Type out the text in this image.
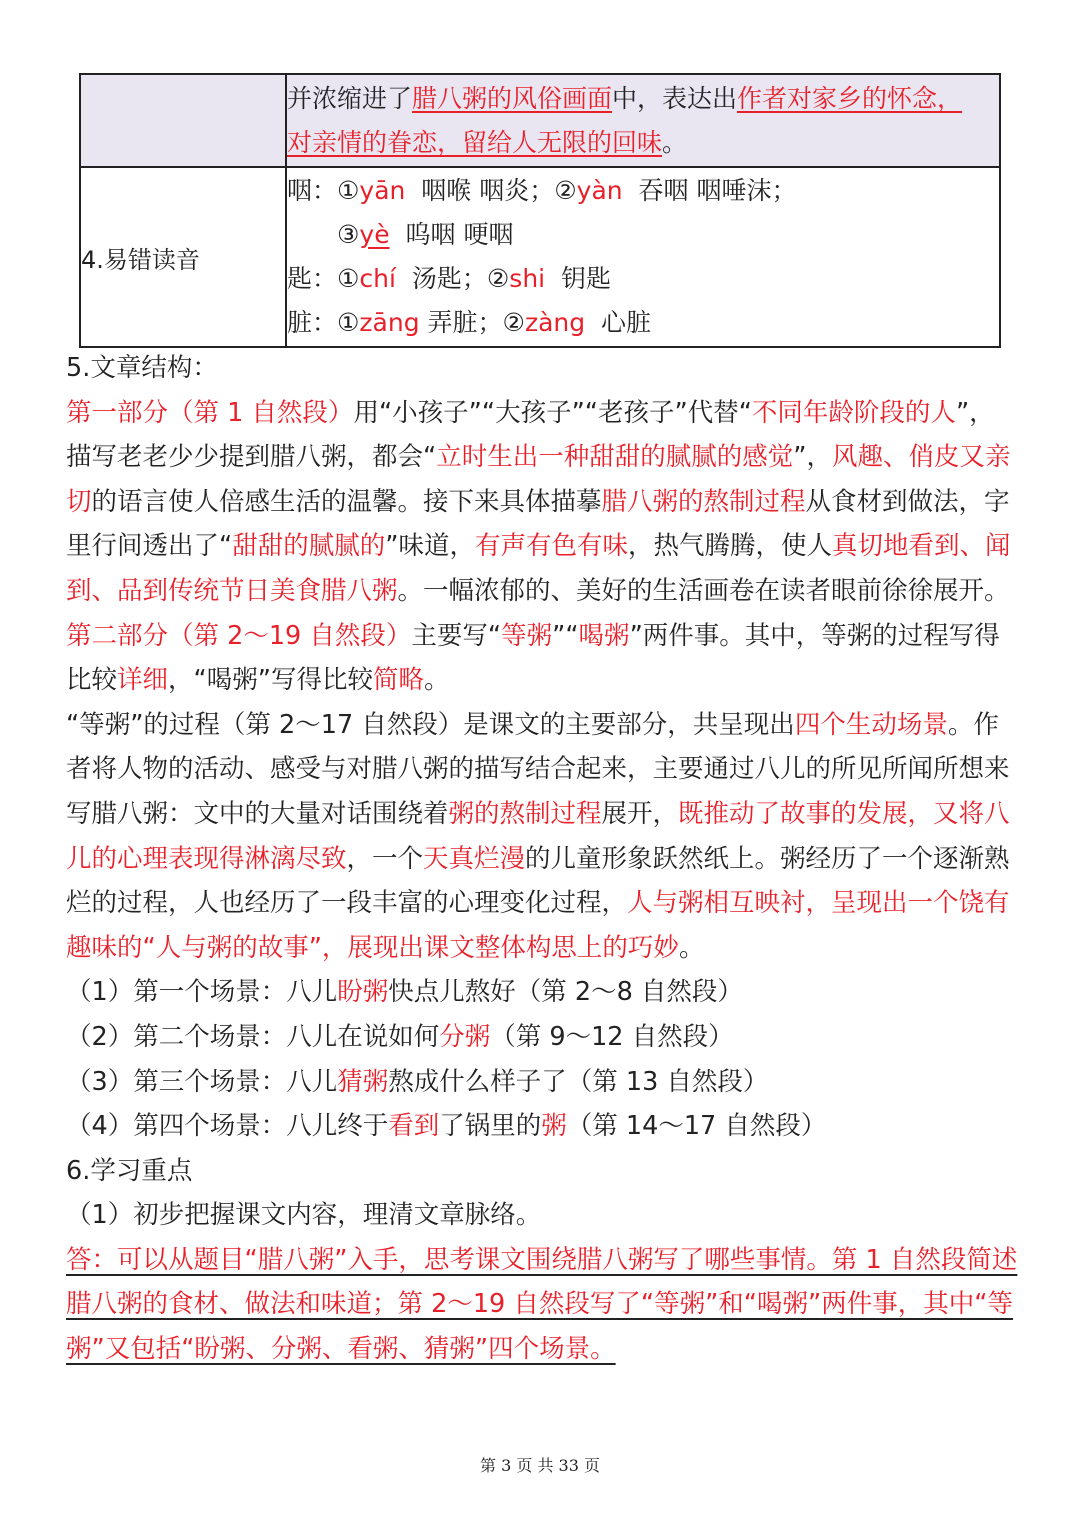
	并浓缩进了腊八粥的风俗画面中，表达出作者对家乡的怀念，
对亲情的眷恋，留给人无限的回味。

4.易错读音	咽：①yān 咽喉 咽炎；②yàn 吞咽 咽唾沫；
③yè 呜咽 哽咽
匙：①chí 汤匙；②shi 钥匙
脏：①zāng 弄脏；②zàng 心脏

5.文章结构：

第一部分（第 1 自然段）用“小孩子”“大孩子”“老孩子”代替“不同年龄阶段的人”，描写老老少少提到腊八粥，都会“立时生出一种甜甜的腻腻的感觉”，风趣、俏皮又亲切的语言使人倍感生活的温馨。接下来具体描摹腊八粥的熬制过程从食材到做法，字里行间透出了“甜甜的腻腻的”味道，有声有色有味，热气腾腾，使人真切地看到、闻到、品到传统节日美食腊八粥。一幅浓郁的、美好的生活画卷在读者眼前徐徐展开。

第二部分（第 2～19 自然段）主要写“等粥”“喝粥”两件事。其中，等粥的过程写得比较详细，“喝粥”写得比较简略。

“等粥”的过程（第 2～17 自然段）是课文的主要部分，共呈现出四个生动场景。作者将人物的活动、感受与对腊八粥的描写结合起来，主要通过八儿的所见所闻所想来写腊八粥：文中的大量对话围绕着粥的熬制过程展开，既推动了故事的发展，又将八儿的心理表现得淋漓尽致，一个天真烂漫的儿童形象跃然纸上。粥经历了一个逐渐熟烂的过程，人也经历了一段丰富的心理变化过程，人与粥相互映衬，呈现出一个饶有趣味的“人与粥的故事”，展现出课文整体构思上的巧妙。

（1）第一个场景：八儿盼粥快点儿熬好（第 2～8 自然段）

（2）第二个场景：八儿在说如何分粥（第 9～12 自然段）

（3）第三个场景：八儿猜粥熬成什么样子了（第 13 自然段）

（4）第四个场景：八儿终于看到了锅里的粥（第 14～17 自然段）

6.学习重点

（1）初步把握课文内容，理清文章脉络。

答：可以从题目“腊八粥”入手，思考课文围绕腊八粥写了哪些事情。第 1 自然段简述腊八粥的食材、做法和味道；第 2～19 自然段写了“等粥”和“喝粥”两件事，其中“等粥”又包括“盼粥、分粥、看粥、猜粥”四个场景。

第 3 页 共 33 页
